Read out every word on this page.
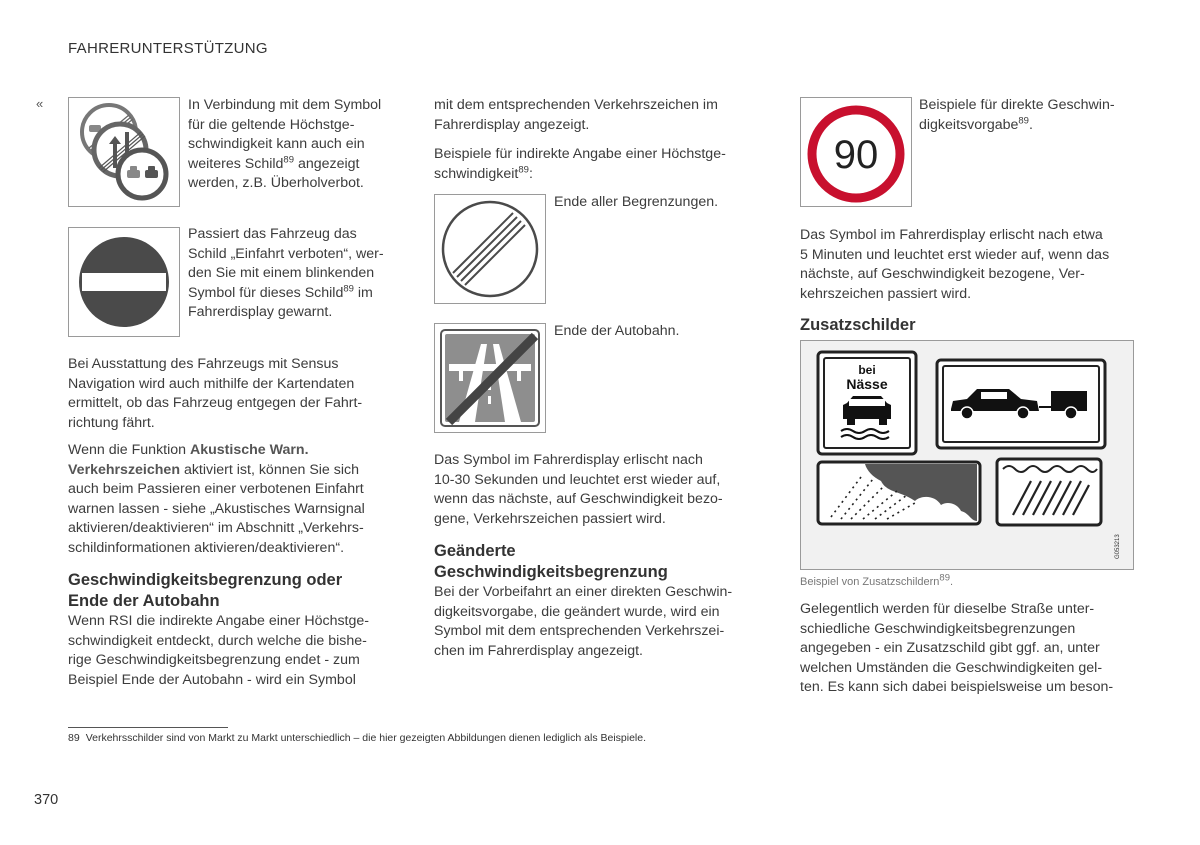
FAHRERUNTERSTÜTZUNG
«	In Verbindung mit dem Symbol

für die geltende Höchstge-

schwindigkeit kann auch ein

weiteres Schild$^{89}$ angezeigt

werden, z.B. Überholverbot.

Passiert das Fahrzeug das

Schild „Einfahrt verboten“, wer-

den Sie mit einem blinkenden

Symbol für dieses Schild$^{89}$ im

Fahrerdisplay gewarnt.

Bei Ausstattung des Fahrzeugs mit Sensus

Navigation wird auch mithilfe der Kartendaten

ermittelt, ob das Fahrzeug entgegen der Fahrt-

richtung fährt.

Wenn die Funktion Akustische Warn.

Verkehrszeichen aktiviert ist, können Sie sich

auch beim Passieren einer verbotenen Einfahrt

warnen lassen - siehe „Akustisches Warnsignal

aktivieren/deaktivieren“ im Abschnitt „Verkehrs-

schildinformationen aktivieren/deaktivieren“.

Geschwindigkeitsbegrenzung oder
Ende der Autobahn

Wenn RSI die indirekte Angabe einer Höchstge-

schwindigkeit entdeckt, durch welche die bishe-

rige Geschwindigkeitsbegrenzung endet - zum

Beispiel Ende der Autobahn - wird ein Symbol

mit dem entsprechenden Verkehrszeichen im

Fahrerdisplay angezeigt.

Beispiele für indirekte Angabe einer Höchstge-

schwindigkeit$^{89}$:

Ende aller Begrenzungen.
Ende der Autobahn.

Das Symbol im Fahrerdisplay erlischt nach

10-30 Sekunden und leuchtet erst wieder auf,

wenn das nächste, auf Geschwindigkeit bezo-

gene, Verkehrszeichen passiert wird.

Geänderte
Geschwindigkeitsbegrenzung

Bei der Vorbeifahrt an einer direkten Geschwin-

digkeitsvorgabe, die geändert wurde, wird ein

Symbol mit dem entsprechenden Verkehrszei-

chen im Fahrerdisplay angezeigt.

90

Beispiele für direkte Geschwin-

digkeitsvorgabe$^{89}$.

Das Symbol im Fahrerdisplay erlischt nach etwa

5 Minuten und leuchtet erst wieder auf, wenn das

nächste, auf Geschwindigkeit bezogene, Ver-

kehrszeichen passiert wird.

Zusatzschilder
bei
Nässe
G053213
Beispiel von Zusatzschildern$^{89}$.

Gelegentlich werden für dieselbe Straße unter-

schiedliche Geschwindigkeitsbegrenzungen

angegeben - ein Zusatzschild gibt ggf. an, unter

welchen Umständen die Geschwindigkeiten gel-

ten. Es kann sich dabei beispielsweise um beson-

89 Verkehrsschilder sind von Markt zu Markt unterschiedlich – die hier gezeigten Abbildungen dienen lediglich als Beispiele.
370
